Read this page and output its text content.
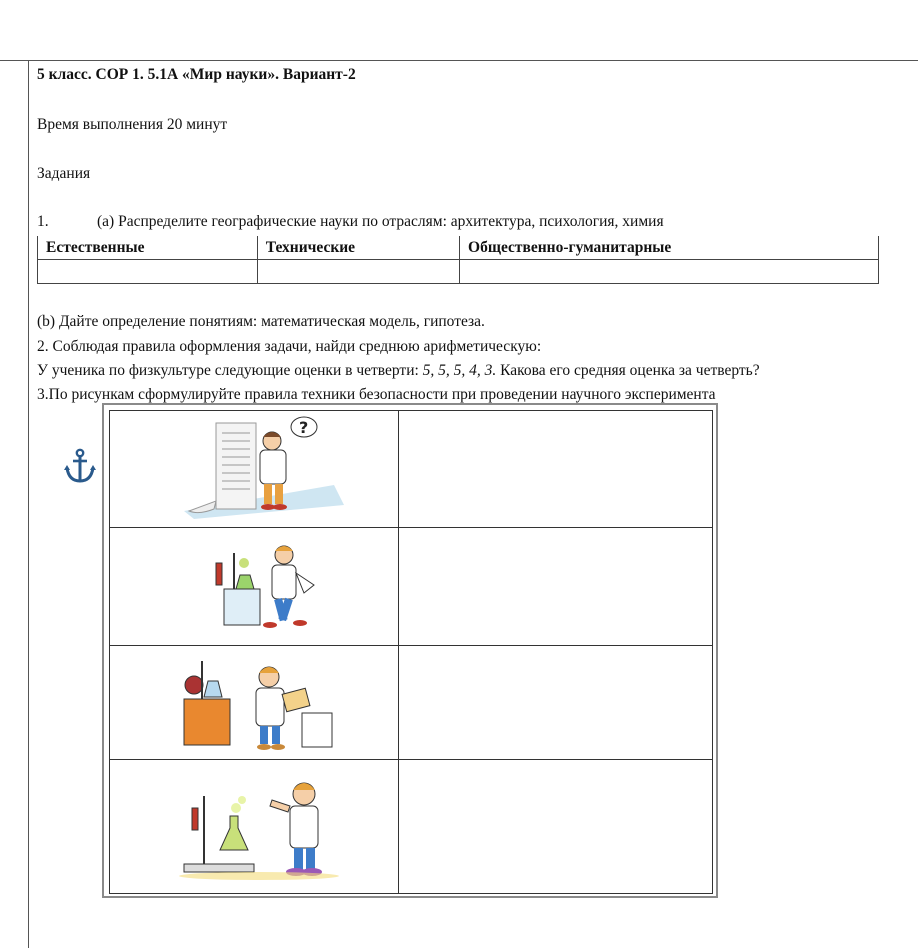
5 класс. СОР 1. 5.1А «Мир науки». Вариант-2
Время выполнения 20 минут
Задания
1.	(а) Распределите географические науки по отраслям: архитектура, психология, химия
Естественные	Технические	Общественно-гуманитарные

(b) Дайте определение понятиям: математическая модель, гипотеза.
2. Соблюдая правила оформления задачи, найди среднюю арифметическую:
У ученика по физкультуре следующие оценки в четверти: 5, 5, 5, 4, 3. Какова его средняя оценка за четверть?
3.По рисункам сформулируйте правила техники безопасности при проведении научного эксперимента
?	
